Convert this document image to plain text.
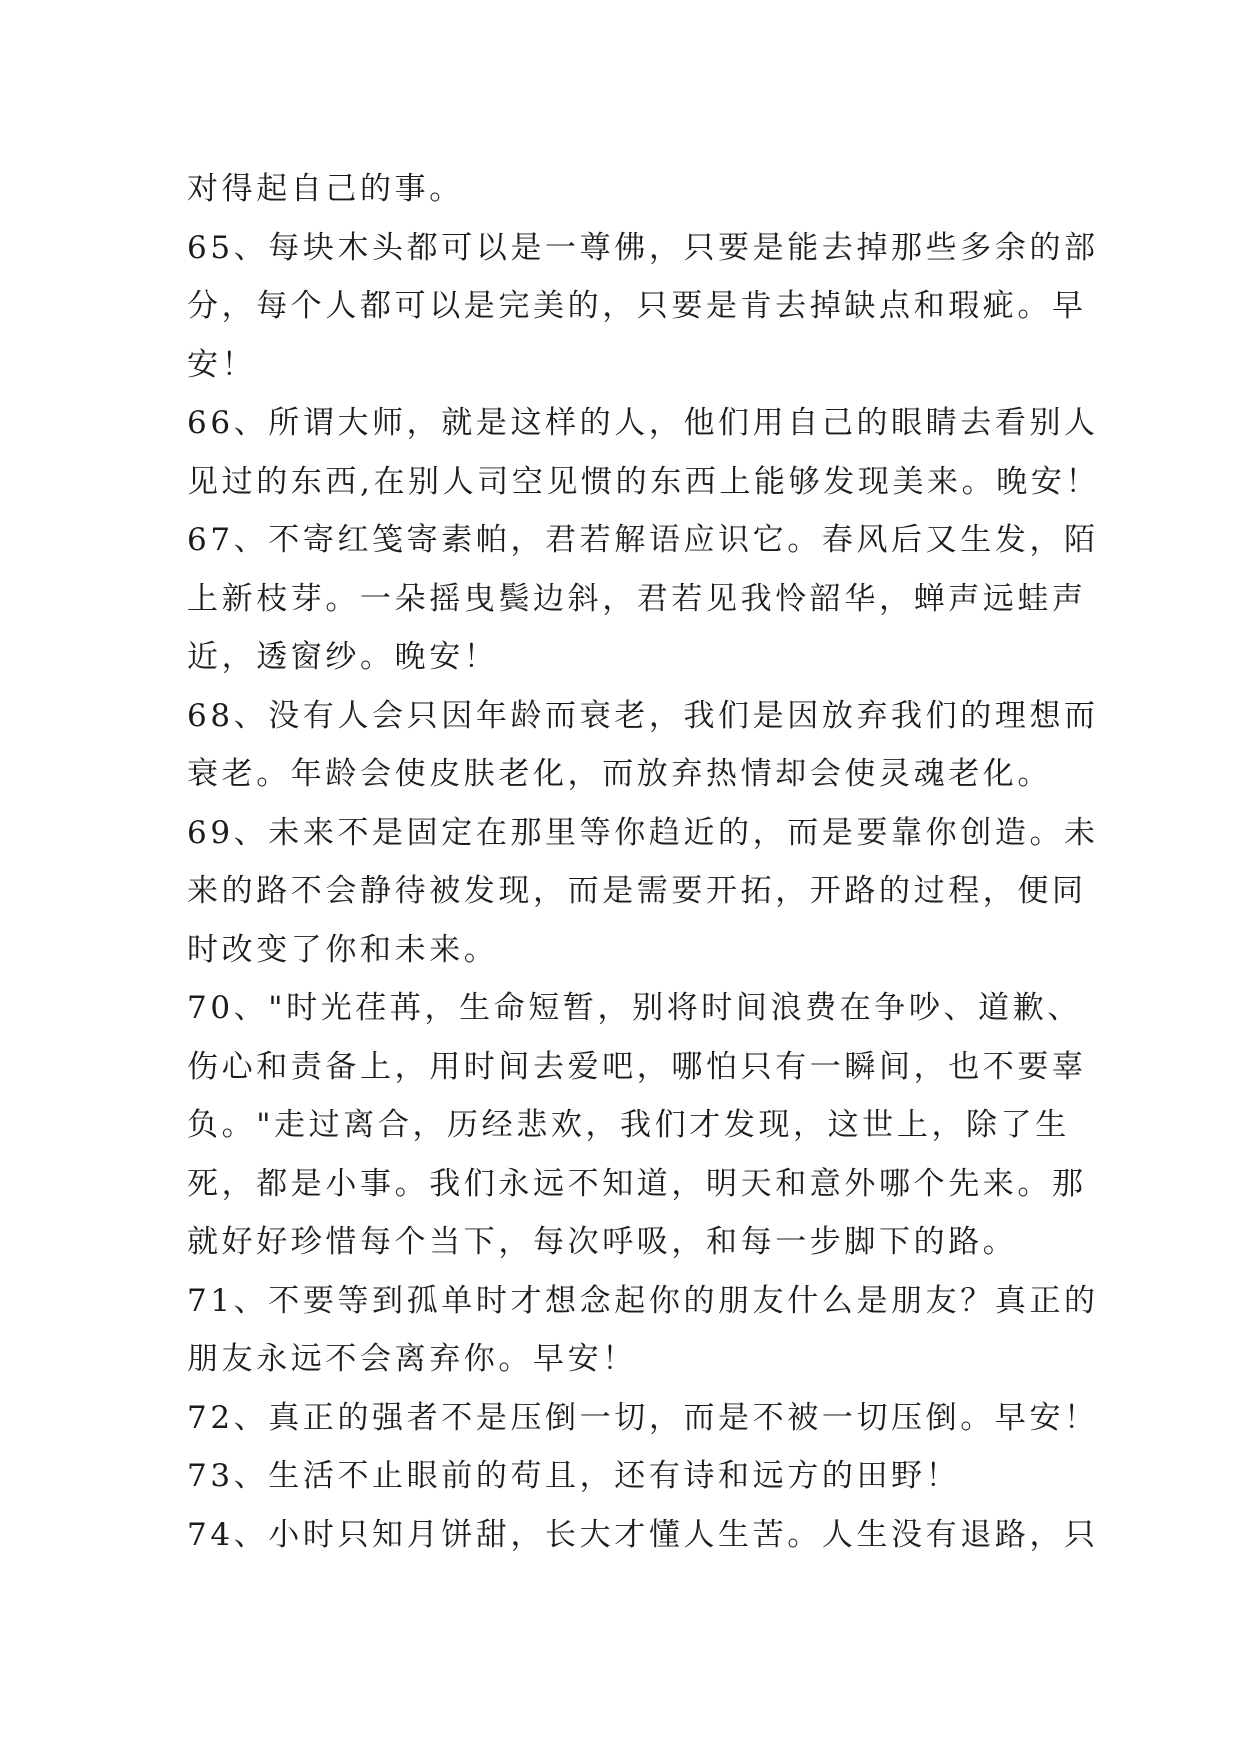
对得起自己的事。
65、每块木头都可以是一尊佛，只要是能去掉那些多余的部
分，每个人都可以是完美的，只要是肯去掉缺点和瑕疵。早
安！
66、所谓大师，就是这样的人，他们用自己的眼睛去看别人
见过的东西,在别人司空见惯的东西上能够发现美来。晚安！
67、不寄红笺寄素帕，君若解语应识它。春风后又生发，陌
上新枝芽。一朵摇曳鬓边斜，君若见我怜韶华，蝉声远蛙声
近，透窗纱。晚安！
68、没有人会只因年龄而衰老，我们是因放弃我们的理想而
衰老。年龄会使皮肤老化，而放弃热情却会使灵魂老化。
69、未来不是固定在那里等你趋近的，而是要靠你创造。未
来的路不会静待被发现，而是需要开拓，开路的过程，便同
时改变了你和未来。
70、"时光荏苒，生命短暂，别将时间浪费在争吵、道歉、
伤心和责备上，用时间去爱吧，哪怕只有一瞬间，也不要辜
负。"走过离合，历经悲欢，我们才发现，这世上，除了生
死，都是小事。我们永远不知道，明天和意外哪个先来。那
就好好珍惜每个当下，每次呼吸，和每一步脚下的路。
71、不要等到孤单时才想念起你的朋友什么是朋友？真正的
朋友永远不会离弃你。早安！
72、真正的强者不是压倒一切，而是不被一切压倒。早安！
73、生活不止眼前的苟且，还有诗和远方的田野！
74、小时只知月饼甜，长大才懂人生苦。人生没有退路，只
